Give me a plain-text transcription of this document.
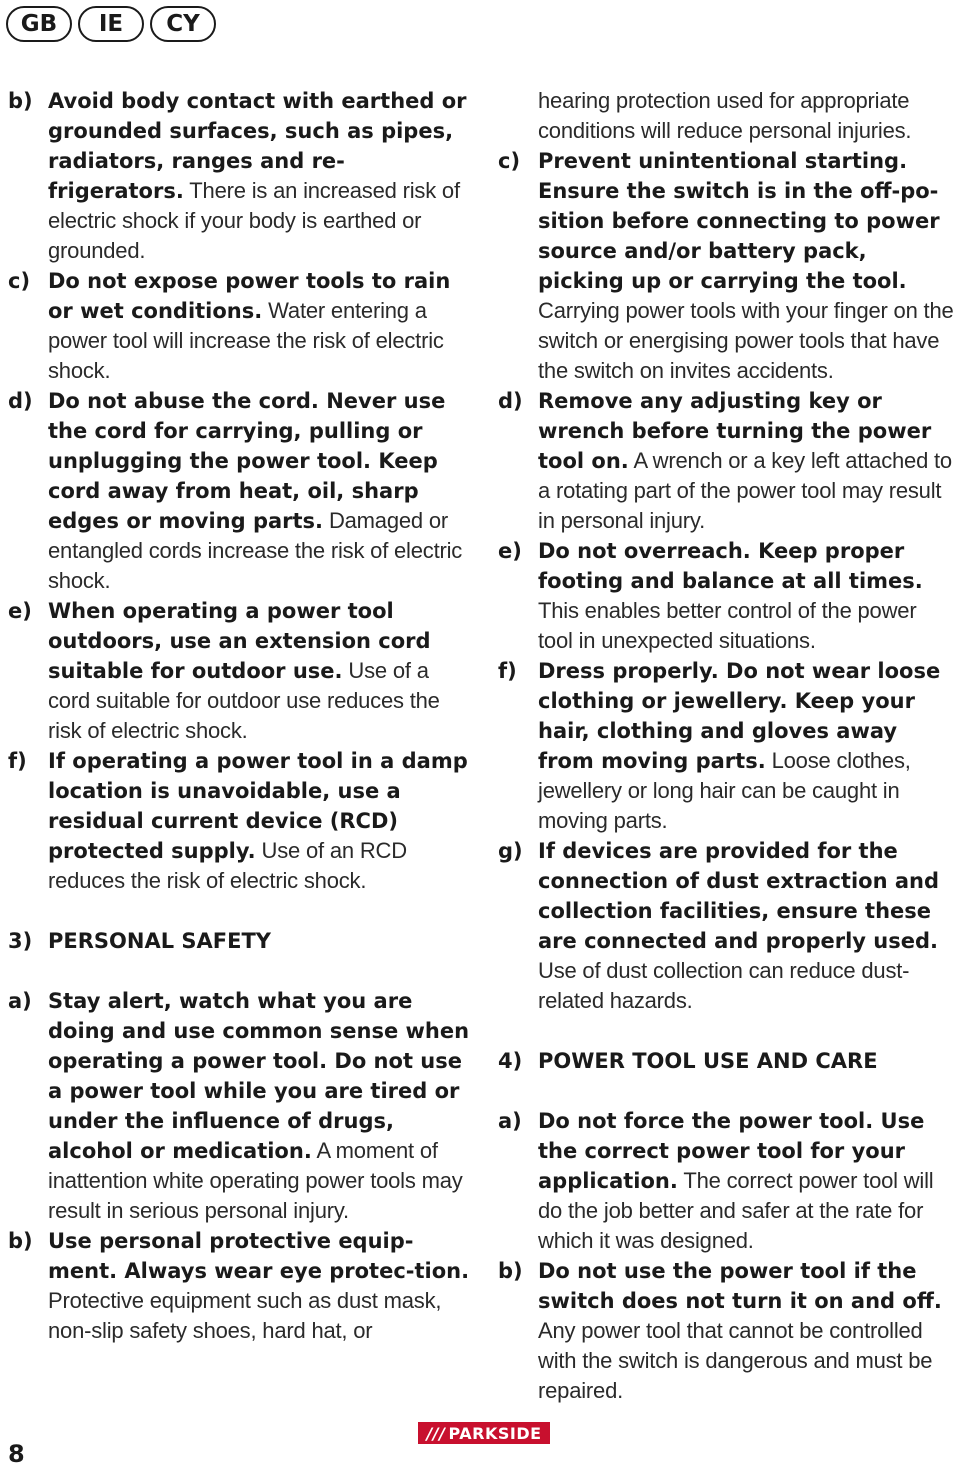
GB	IE	CY
b) Avoid body contact with earthed or grounded surfaces, such as pipes, radiators, ranges and re-frigerators. There is an increased risk of electric shock if your body is earthed or grounded.
c) Do not expose power tools to rain or wet conditions. Water entering a power tool will increase the risk of electric shock.
d) Do not abuse the cord. Never use the cord for carrying, pulling or unplugging the power tool. Keep cord away from heat, oil, sharp edges or moving parts. Damaged or entangled cords increase the risk of electric shock.
e) When operating a power tool outdoors, use an extension cord suitable for outdoor use. Use of a cord suitable for outdoor use reduces the risk of electric shock.
f)	If operating a power tool in a damp location is unavoidable, use a residual current device (RCD) protected supply. Use of an RCD reduces the risk of electric shock.
3) PERSONAL SAFETY
a) Stay alert, watch what you are doing and use common sense when operating a power tool. Do not use a power tool while you are tired or under the influence of drugs, alcohol or medication. A moment of inattention white operating power tools may result in serious personal injury.
b) Use personal protective equip-ment. Always wear eye protec-tion. Protective equipment such as dust mask, non-slip safety shoes, hard hat, or
hearing protection used for appropriate conditions will reduce personal injuries.
c) Prevent unintentional starting. Ensure the switch is in the off-po-sition before connecting to power source and/or battery pack, picking up or carrying the tool. Carrying power tools with your finger on the switch or energising power tools that have the switch on invites accidents.
d) Remove any adjusting key or wrench before turning the power tool on. A wrench or a key left attached to a rotating part of the power tool may result in personal injury.
e) Do not overreach. Keep proper footing and balance at all times. This enables better control of the power tool in unexpected situations.
f)	Dress properly. Do not wear loose clothing or jewellery. Keep your hair, clothing and gloves away from moving parts. Loose clothes, jewellery or long hair can be caught in moving parts.
g) If devices are provided for the connection of dust extraction and collection facilities, ensure these are connected and properly used. Use of dust collection can reduce dust-related hazards.
4) POWER TOOL USE AND CARE
a) Do not force the power tool. Use the correct power tool for your application. The correct power tool will do the job better and safer at the rate for which it was designed.
b) Do not use the power tool if the switch does not turn it on and off. Any power tool that cannot be controlled with the switch is dangerous and must be repaired.
8
/// PARKSIDE
